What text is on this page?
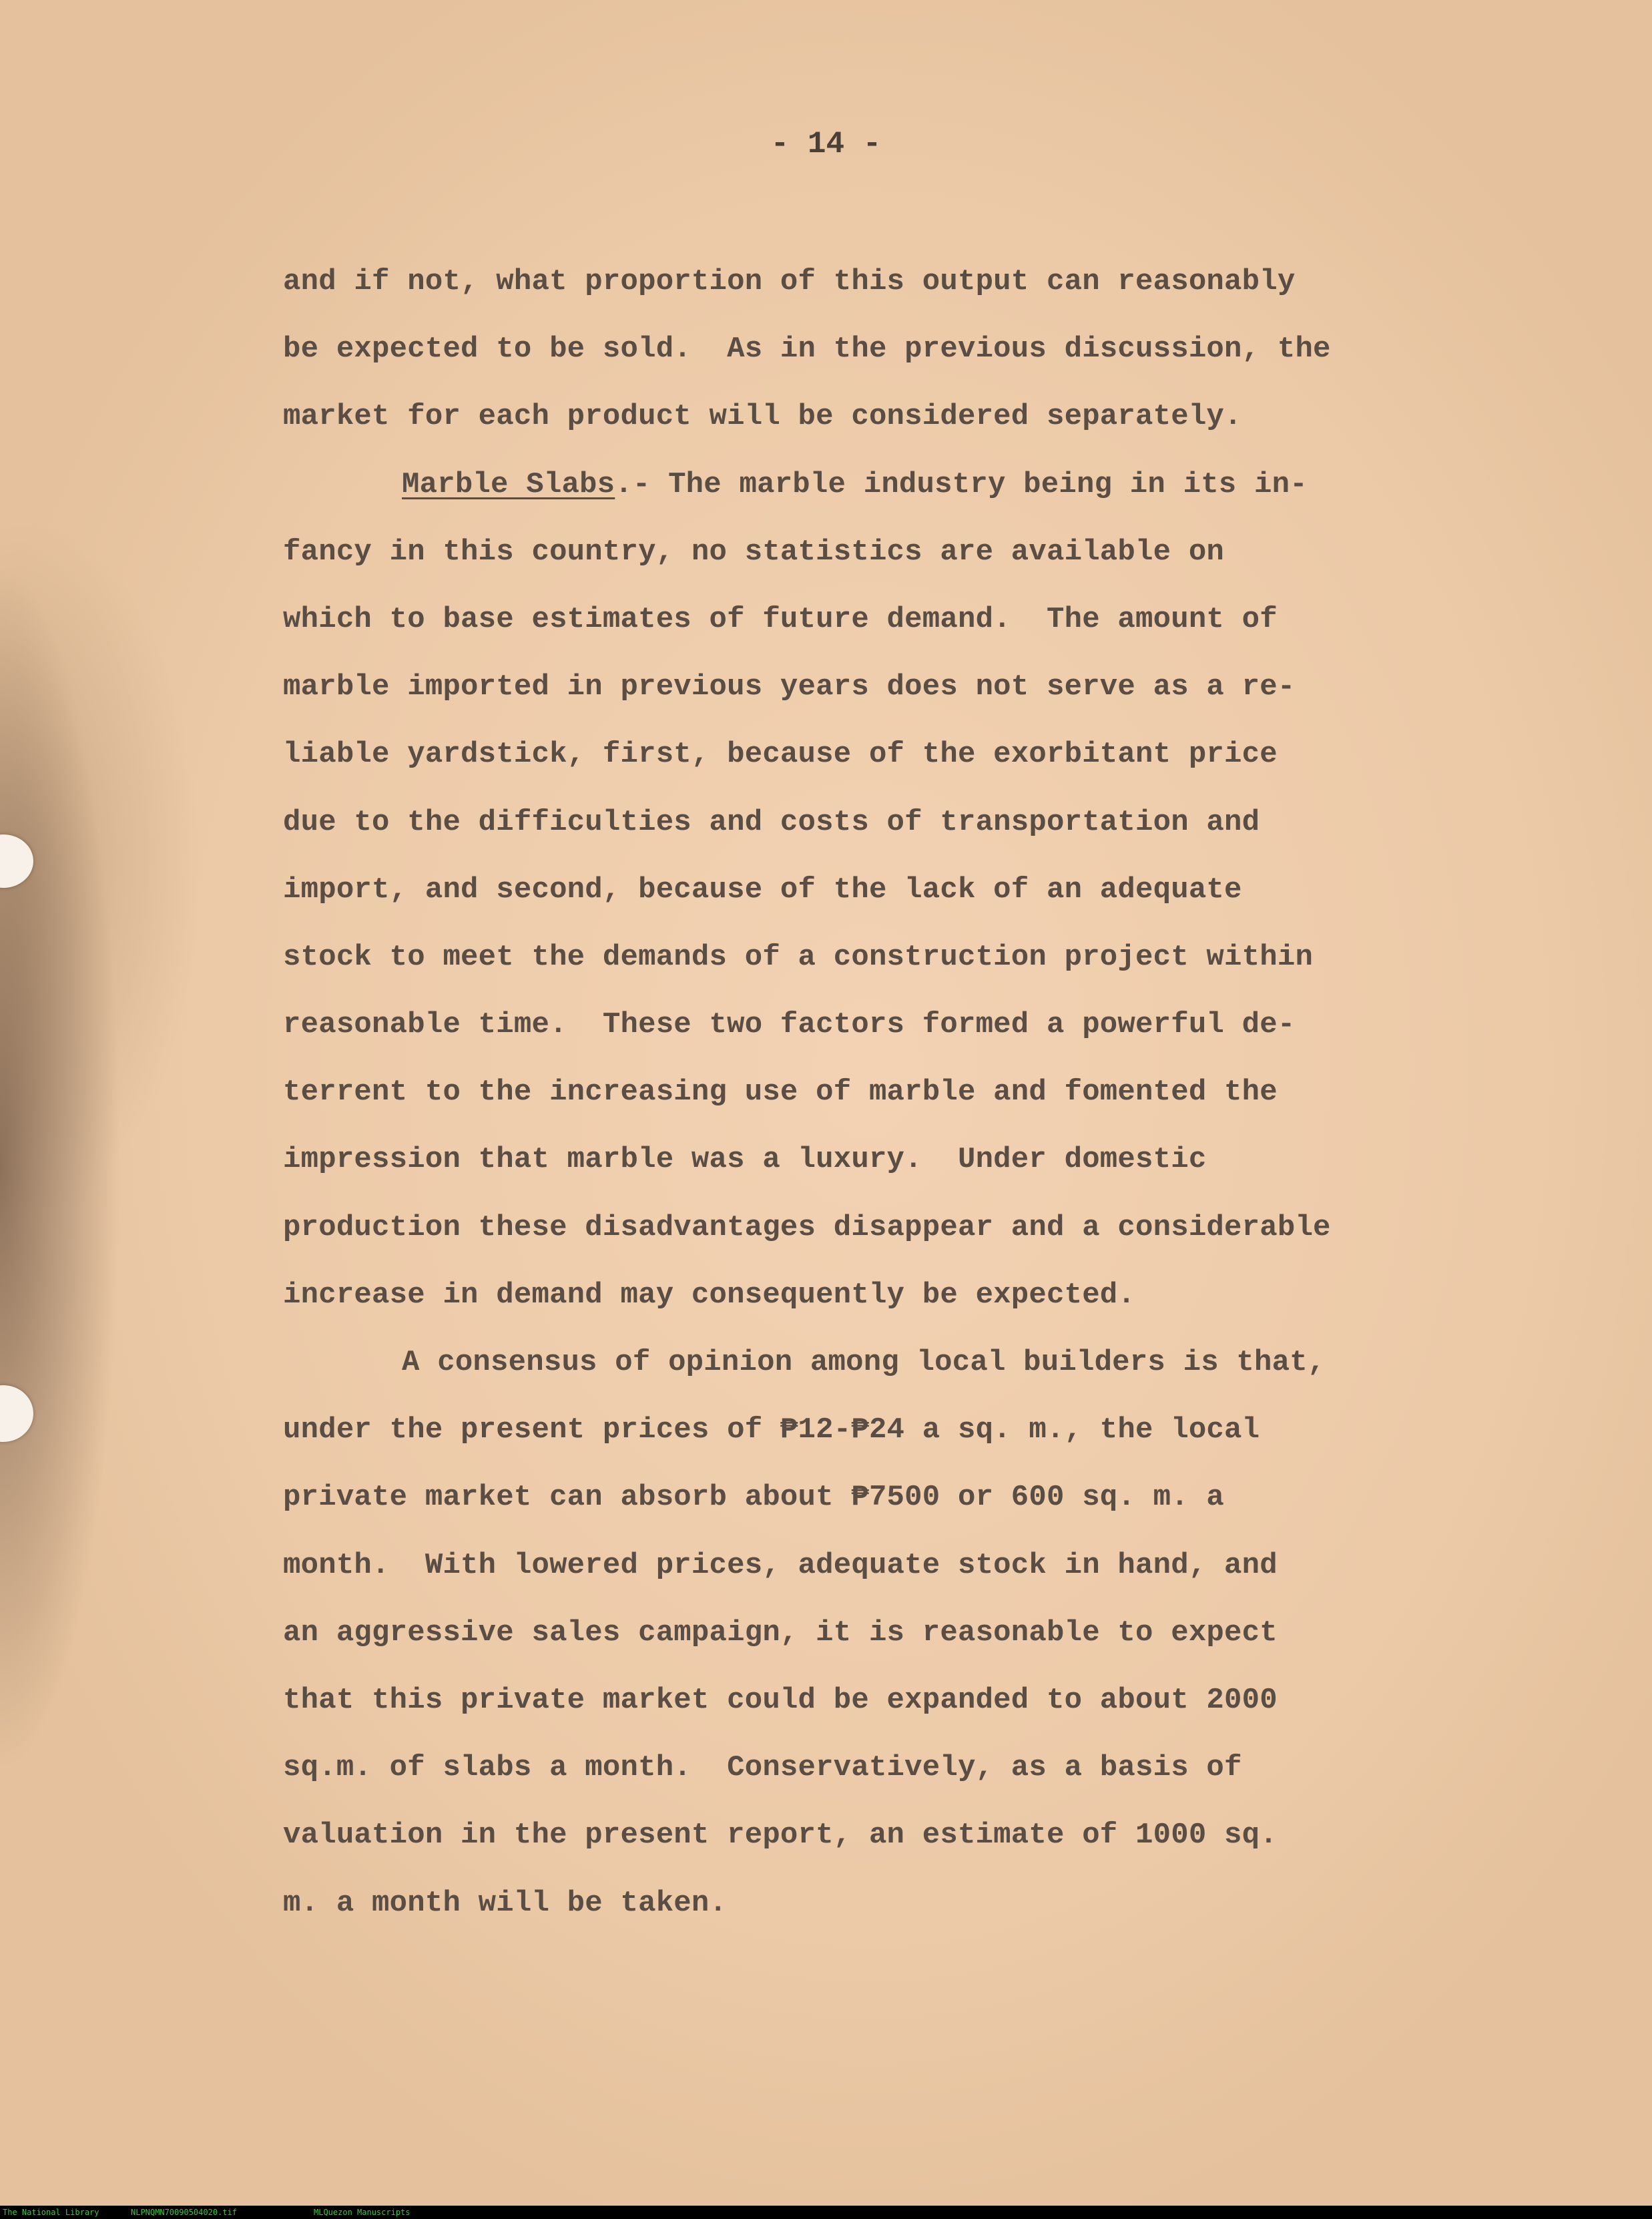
- 14 -
and if not, what proportion of this output can reasonably
be expected to be sold.  As in the previous discussion, the
market for each product will be considered separately.
Marble Slabs.- The marble industry being in its in-
fancy in this country, no statistics are available on
which to base estimates of future demand.  The amount of
marble imported in previous years does not serve as a re-
liable yardstick, first, because of the exorbitant price
due to the difficulties and costs of transportation and
import, and second, because of the lack of an adequate
stock to meet the demands of a construction project within
reasonable time.  These two factors formed a powerful de-
terrent to the increasing use of marble and fomented the
impression that marble was a luxury.  Under domestic
production these disadvantages disappear and a considerable
increase in demand may consequently be expected.
A consensus of opinion among local builders is that,
under the present prices of ₱12-₱24 a sq. m., the local
private market can absorb about ₱7500 or 600 sq. m. a
month.  With lowered prices, adequate stock in hand, and
an aggressive sales campaign, it is reasonable to expect
that this private market could be expanded to about 2000
sq.m. of slabs a month.  Conservatively, as a basis of
valuation in the present report, an estimate of 1000 sq.
m. a month will be taken.
The National Library	NLPNQMN70090504020.tif	MLQuezon Manuscripts
